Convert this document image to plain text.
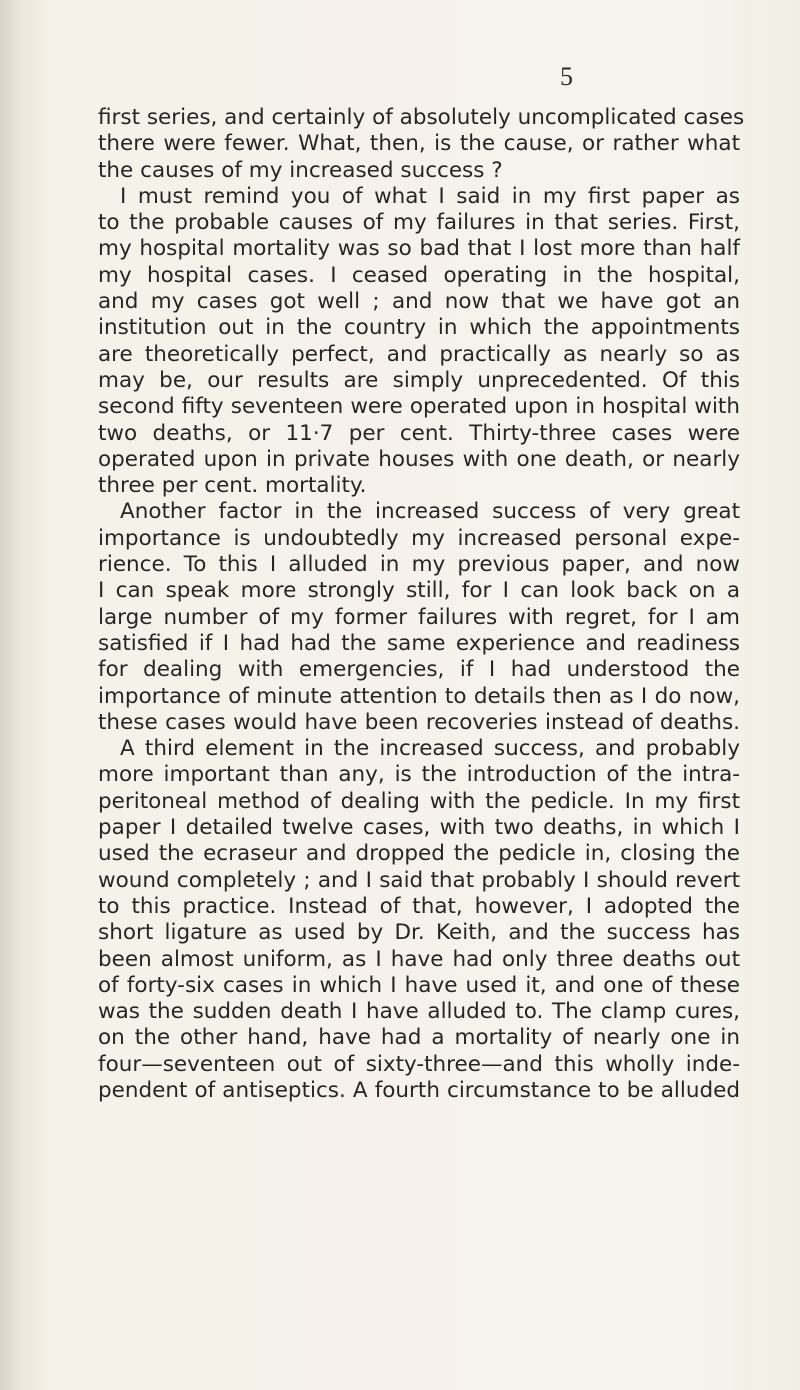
5
first series, and certainly of absolutely uncomplicated cases
there were fewer. What, then, is the cause, or rather what
the causes of my increased success ?
I must remind you of what I said in my first paper as
to the probable causes of my failures in that series. First,
my hospital mortality was so bad that I lost more than half
my hospital cases. I ceased operating in the hospital,
and my cases got well ; and now that we have got an
institution out in the country in which the appointments
are theoretically perfect, and practically as nearly so as
may be, our results are simply unprecedented. Of this
second fifty seventeen were operated upon in hospital with
two deaths, or 11·7 per cent. Thirty-three cases were
operated upon in private houses with one death, or nearly
three per cent. mortality.
Another factor in the increased success of very great
importance is undoubtedly my increased personal expe-
rience. To this I alluded in my previous paper, and now
I can speak more strongly still, for I can look back on a
large number of my former failures with regret, for I am
satisfied if I had had the same experience and readiness
for dealing with emergencies, if I had understood the
importance of minute attention to details then as I do now,
these cases would have been recoveries instead of deaths.
A third element in the increased success, and probably
more important than any, is the introduction of the intra-
peritoneal method of dealing with the pedicle. In my first
paper I detailed twelve cases, with two deaths, in which I
used the ecraseur and dropped the pedicle in, closing the
wound completely ; and I said that probably I should revert
to this practice. Instead of that, however, I adopted the
short ligature as used by Dr. Keith, and the success has
been almost uniform, as I have had only three deaths out
of forty-six cases in which I have used it, and one of these
was the sudden death I have alluded to. The clamp cures,
on the other hand, have had a mortality of nearly one in
four—seventeen out of sixty-three—and this wholly inde-
pendent of antiseptics. A fourth circumstance to be alluded
